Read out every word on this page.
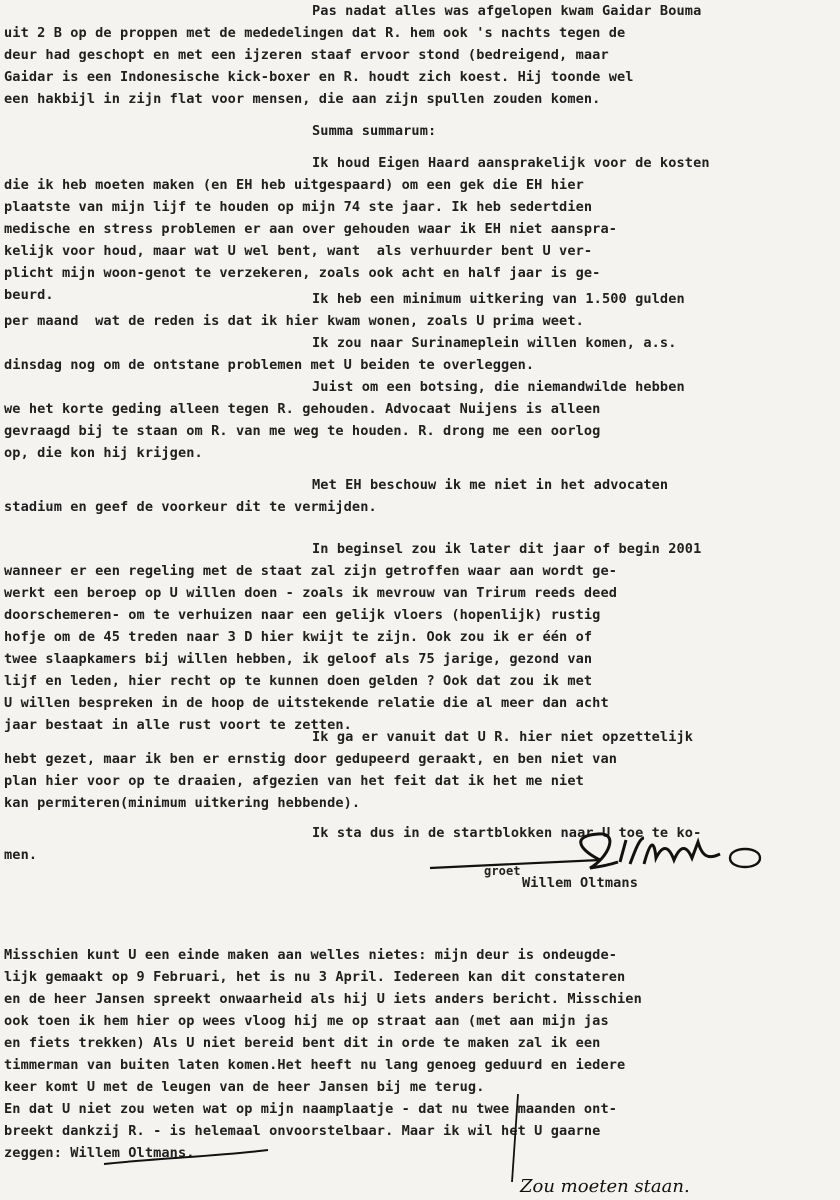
Pas nadat alles was afgelopen kwam Gaidar Bouma
uit 2 B op de proppen met de mededelingen dat R. hem ook 's nachts tegen de
deur had geschopt en met een ijzeren staaf ervoor stond (bedreigend, maar
Gaidar is een Indonesische kick-boxer en R. houdt zich koest. Hij toonde wel
een hakbijl in zijn flat voor mensen, die aan zijn spullen zouden komen.
Summa summarum:
Ik houd Eigen Haard aansprakelijk voor de kosten
die ik heb moeten maken (en EH heb uitgespaard) om een gek die EH hier
plaatste van mijn lijf te houden op mijn 74 ste jaar. Ik heb sedertdien
medische en stress problemen er aan over gehouden waar ik EH niet aanspra-
kelijk voor houd, maar wat U wel bent, want  als verhuurder bent U ver-
plicht mijn woon-genot te verzekeren, zoals ook acht en half jaar is ge-
beurd.	Ik heb een minimum uitkering van 1.500 gulden
per maand  wat de reden is dat ik hier kwam wonen, zoals U prima weet.
Ik zou naar Surinameplein willen komen, a.s.
dinsdag nog om de ontstane problemen met U beiden te overleggen.
Juist om een botsing, die niemandwilde hebben
we het korte geding alleen tegen R. gehouden. Advocaat Nuijens is alleen
gevraagd bij te staan om R. van me weg te houden. R. drong me een oorlog
op, die kon hij krijgen.
Met EH beschouw ik me niet in het advocaten
stadium en geef de voorkeur dit te vermijden.
In beginsel zou ik later dit jaar of begin 2001
wanneer er een regeling met de staat zal zijn getroffen waar aan wordt ge-
werkt een beroep op U willen doen - zoals ik mevrouw van Trirum reeds deed
doorschemeren- om te verhuizen naar een gelijk vloers (hopenlijk) rustig
hofje om de 45 treden naar 3 D hier kwijt te zijn. Ook zou ik er één of
twee slaapkamers bij willen hebben, ik geloof als 75 jarige, gezond van
lijf en leden, hier recht op te kunnen doen gelden ? Ook dat zou ik met
U willen bespreken in de hoop de uitstekende relatie die al meer dan acht
jaar bestaat in alle rust voort te zetten.
Ik ga er vanuit dat U R. hier niet opzettelijk
hebt gezet, maar ik ben er ernstig door gedupeerd geraakt, en ben niet van
plan hier voor op te draaien, afgezien van het feit dat ik het me niet
kan permiteren(minimum uitkering hebbende).
Ik sta dus in de startblokken naar U toe te ko-
men.
groet
Willem Oltmans
Misschien kunt U een einde maken aan welles nietes: mijn deur is ondeugde-
lijk gemaakt op 9 Februari, het is nu 3 April. Iedereen kan dit constateren
en de heer Jansen spreekt onwaarheid als hij U iets anders bericht. Misschien
ook toen ik hem hier op wees vloog hij me op straat aan (met aan mijn jas
en fiets trekken) Als U niet bereid bent dit in orde te maken zal ik een
timmerman van buiten laten komen.Het heeft nu lang genoeg geduurd en iedere
keer komt U met de leugen van de heer Jansen bij me terug.
En dat U niet zou weten wat op mijn naamplaatje - dat nu twee maanden ont-
breekt dankzij R. - is helemaal onvoorstelbaar. Maar ik wil het U gaarne
zeggen: Willem Oltmans.
Zou moeten staan.
